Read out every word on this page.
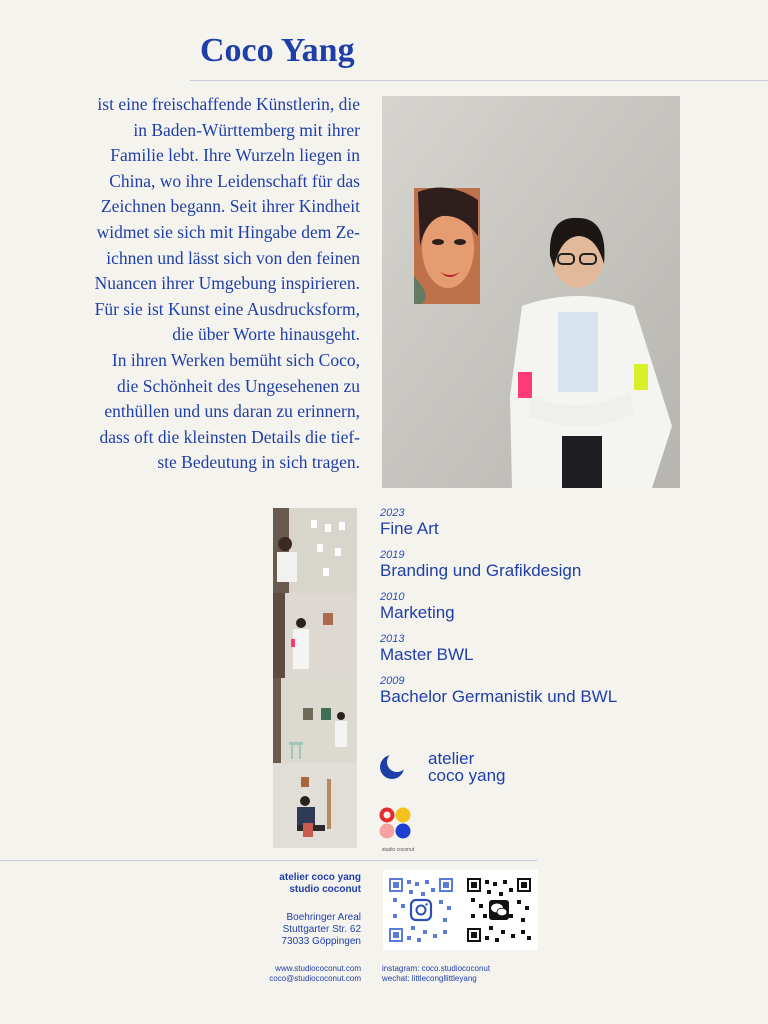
Coco Yang

ist eine freischaffende Künstlerin, die
in Baden-Württemberg mit ihrer
Familie lebt. Ihre Wurzeln liegen in
China, wo ihre Leidenschaft für das
Zeichnen begann. Seit ihrer Kindheit
widmet sie sich mit Hingabe dem Ze-
ichnen und lässt sich von den feinen
Nuancen ihrer Umgebung inspirieren.
Für sie ist Kunst eine Ausdrucksform,
die über Worte hinausgeht.

In ihren Werken bemüht sich Coco,
die Schönheit des Ungesehenen zu
enthüllen und uns daran zu erinnern,
dass oft die kleinsten Details die tief-
ste Bedeutung in sich tragen.

2023
Fine Art
2019
Branding und Grafikdesign
2010
Marketing
2013
Master BWL
2009
Bachelor Germanistik und BWL
atelier
coco yang
studio coconut
atelier coco yang
studio coconut
Boehringer Areal
Stuttgarter Str. 62
73033 Göppingen
www.studiococonut.com
coco@studiococonut.com
instagram: coco.studiococonut
wechat: littlecongllittleyang
